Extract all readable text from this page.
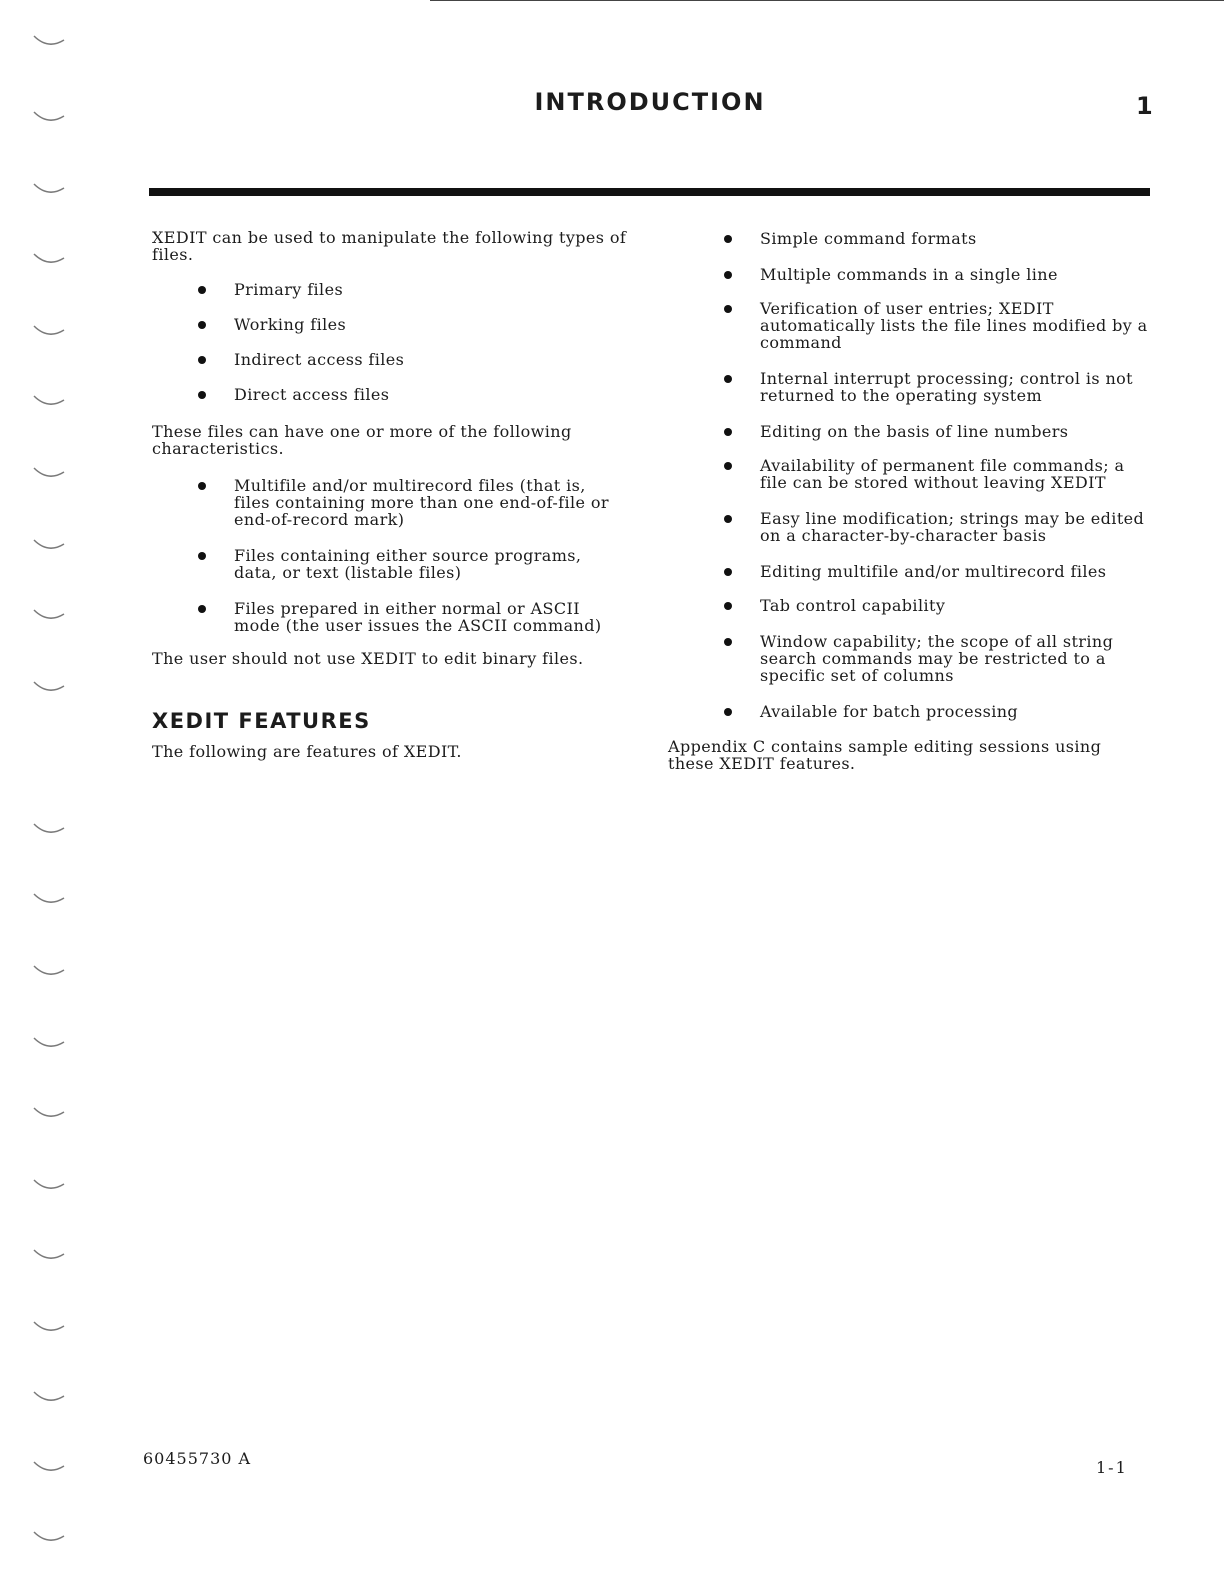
INTRODUCTION	1

XEDIT can be used to manipulate the following types of files.

Primary files
Working files
Indirect access files
Direct access files

These files can have one or more of the following characteristics.

Multifile and/or multirecord files (that is, files containing more than one end-of-file or end-of-record mark)
Files containing either source programs, data, or text (listable files)
Files prepared in either normal or ASCII mode (the user issues the ASCII command)

The user should not use XEDIT to edit binary files.

XEDIT FEATURES

The following are features of XEDIT.

Simple command formats
Multiple commands in a single line
Verification of user entries; XEDIT automatically lists the file lines modified by a command
Internal interrupt processing; control is not returned to the operating system
Editing on the basis of line numbers
Availability of permanent file commands; a file can be stored without leaving XEDIT
Easy line modification; strings may be edited on a character-by-character basis
Editing multifile and/or multirecord files
Tab control capability
Window capability; the scope of all string search commands may be restricted to a specific set of columns
Available for batch processing

Appendix C contains sample editing sessions using these XEDIT features.

60455730 A	1-1
